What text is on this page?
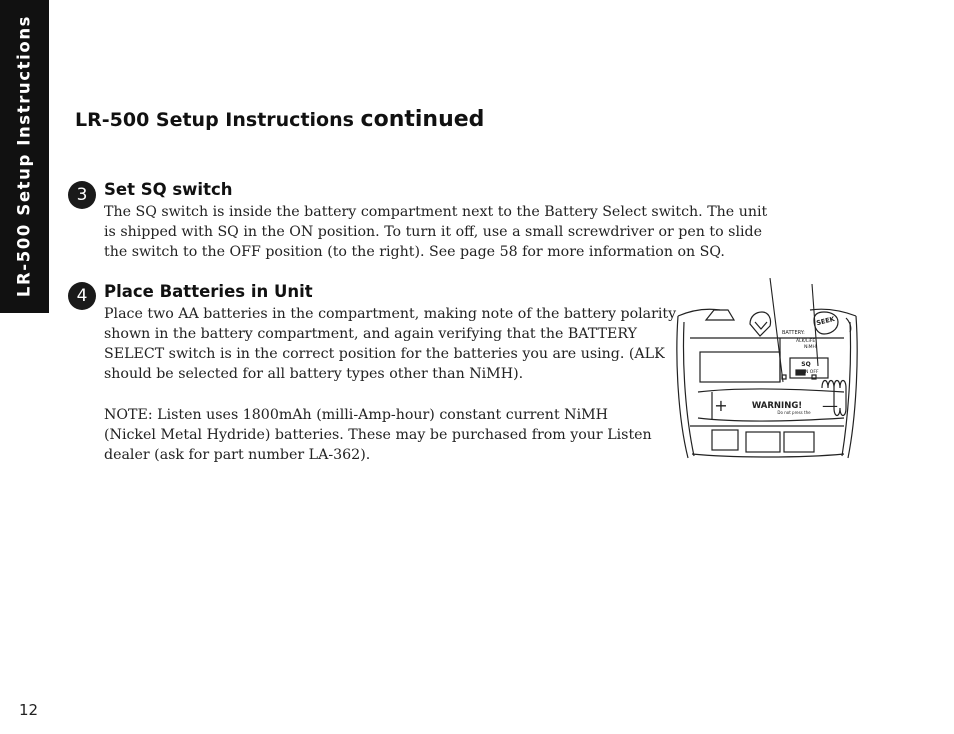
LR-500 Setup Instructions LR-500 Setup Instructions continued
3	Set SQ switch
The SQ switch is inside the battery compartment next to the Battery Select switch. The unit
is shipped with SQ in the ON position. To turn it off, use a small screwdriver or pen to slide
the switch to the OFF position (to the right). See page 58 for more information on SQ.
4	Place Batteries in Unit
Place two AA batteries in the compartment, making note of the battery polarity
shown in the battery compartment, and again verifying that the BATTERY
SELECT switch is in the correct position for the batteries you are using. (ALK
should be selected for all battery types other than NiMH).
NOTE: Listen uses 1800mAh (milli-Amp-hour) constant current NiMH
(Nickel Metal Hydride) batteries. These may be purchased from your Listen
dealer (ask for part number LA-362).
SEEK
BATTERY:
ALK/LiFE
NiMH
SQ
ON OFF
+	—
WARNING!
Do not press the
12
